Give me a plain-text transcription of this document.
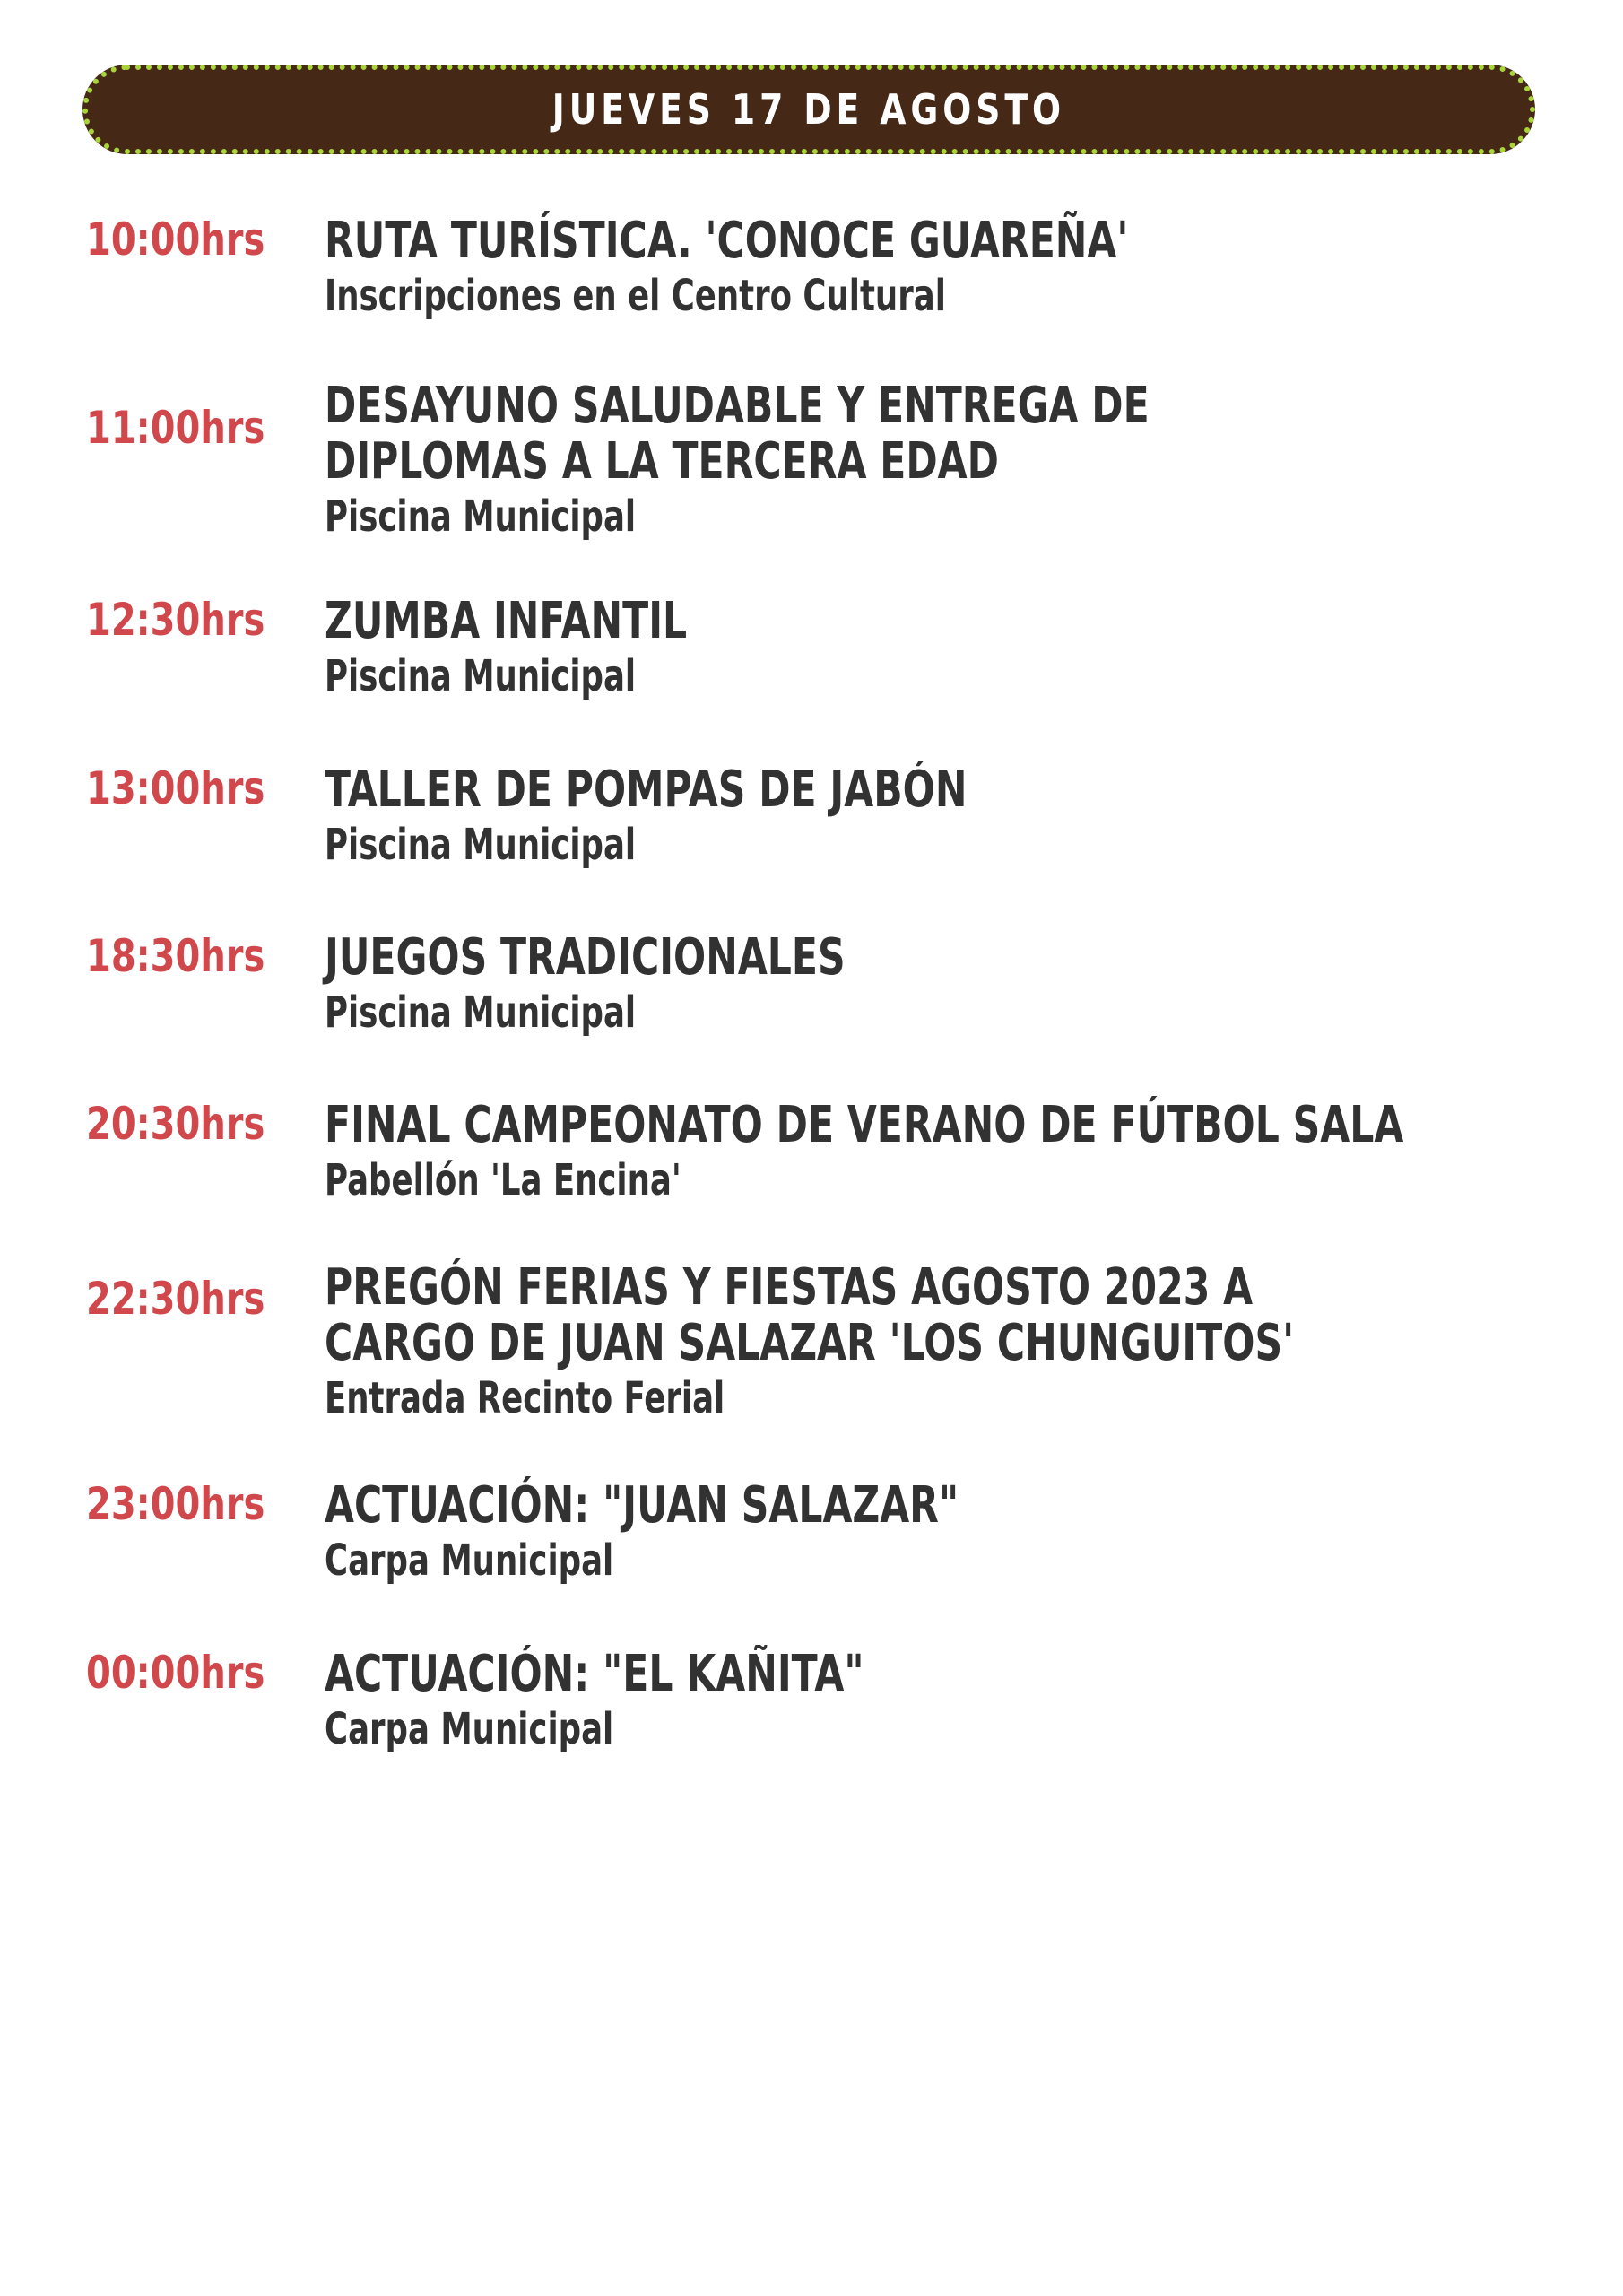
JUEVES 17 DE AGOSTO
10:00hrs RUTA TURÍSTICA. 'CONOCE GUAREÑA'
Inscripciones en el Centro Cultural
11:00hrs DESAYUNO SALUDABLE Y ENTREGA DE
DIPLOMAS A LA TERCERA EDAD
Piscina Municipal
12:30hrs ZUMBA INFANTIL
Piscina Municipal
13:00hrs TALLER DE POMPAS DE JABÓN
Piscina Municipal
18:30hrs JUEGOS TRADICIONALES
Piscina Municipal
20:30hrs FINAL CAMPEONATO DE VERANO DE FÚTBOL SALA
Pabellón 'La Encina'
22:30hrs PREGÓN FERIAS Y FIESTAS AGOSTO 2023 A
CARGO DE JUAN SALAZAR 'LOS CHUNGUITOS'
Entrada Recinto Ferial
23:00hrs ACTUACIÓN: "JUAN SALAZAR"
Carpa Municipal
00:00hrs ACTUACIÓN: "EL KAÑITA"
Carpa Municipal
